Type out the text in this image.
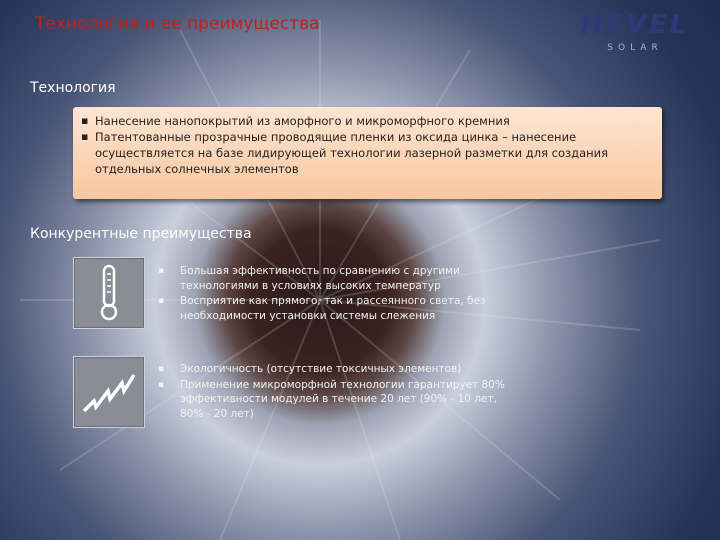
Технология и ее преимущества	HEVEL
SOLAR
Технология
▪ Нанесение нанопокрытий из аморфного и микроморфного кремния
▪ Патентованные прозрачные проводящие пленки из оксида цинка – нанесение осуществляется на базе лидирующей технологии лазерной разметки для создания отдельных солнечных элементов
Конкурентные преимущества
▪ Большая эффективность по сравнению с другими технологиями в условиях высоких температур
▪ Восприятие как прямого, так и рассеянного света, без необходимости установки системы слежения
▪ Экологичность (отсутствие токсичных элементов)
▪ Применение микроморфной технологии гарантирует 80% эффективности модулей в течение 20 лет (90% - 10 лет, 80% - 20 лет)
